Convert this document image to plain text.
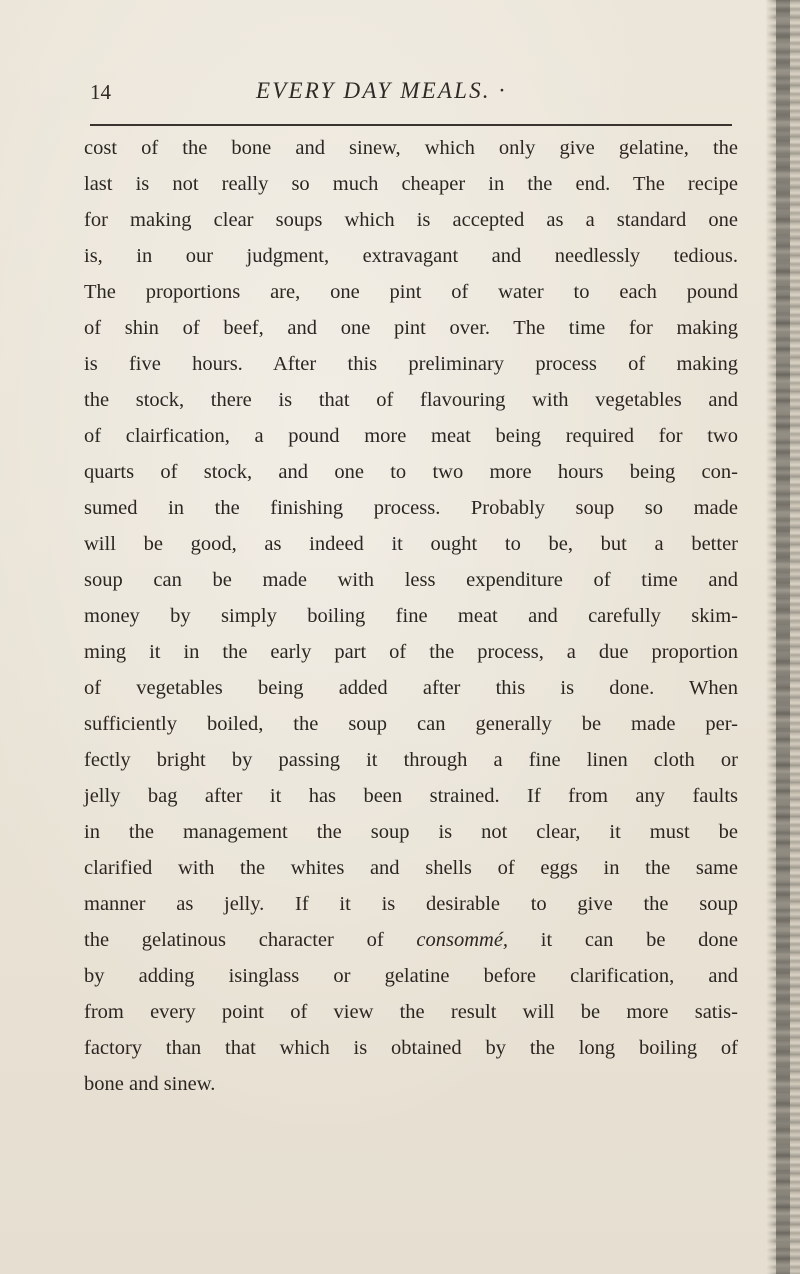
14	EVERY DAY MEALS. ·
cost of the bone and sinew, which only give gelatine, the
last is not really so much cheaper in the end. The recipe
for making clear soups which is accepted as a standard one
is, in our judgment, extravagant and needlessly tedious.
The proportions are, one pint of water to each pound
of shin of beef, and one pint over. The time for making
is five hours. After this preliminary process of making
the stock, there is that of flavouring with vegetables and
of clairfication, a pound more meat being required for two
quarts of stock, and one to two more hours being con-
sumed in the finishing process. Probably soup so made
will be good, as indeed it ought to be, but a better
soup can be made with less expenditure of time and
money by simply boiling fine meat and carefully skim-
ming it in the early part of the process, a due proportion
of vegetables being added after this is done. When
sufficiently boiled, the soup can generally be made per-
fectly bright by passing it through a fine linen cloth or
jelly bag after it has been strained. If from any faults
in the management the soup is not clear, it must be
clarified with the whites and shells of eggs in the same
manner as jelly. If it is desirable to give the soup
the gelatinous character of consommé, it can be done
by adding isinglass or gelatine before clarification, and
from every point of view the result will be more satis-
factory than that which is obtained by the long boiling of
bone and sinew.
